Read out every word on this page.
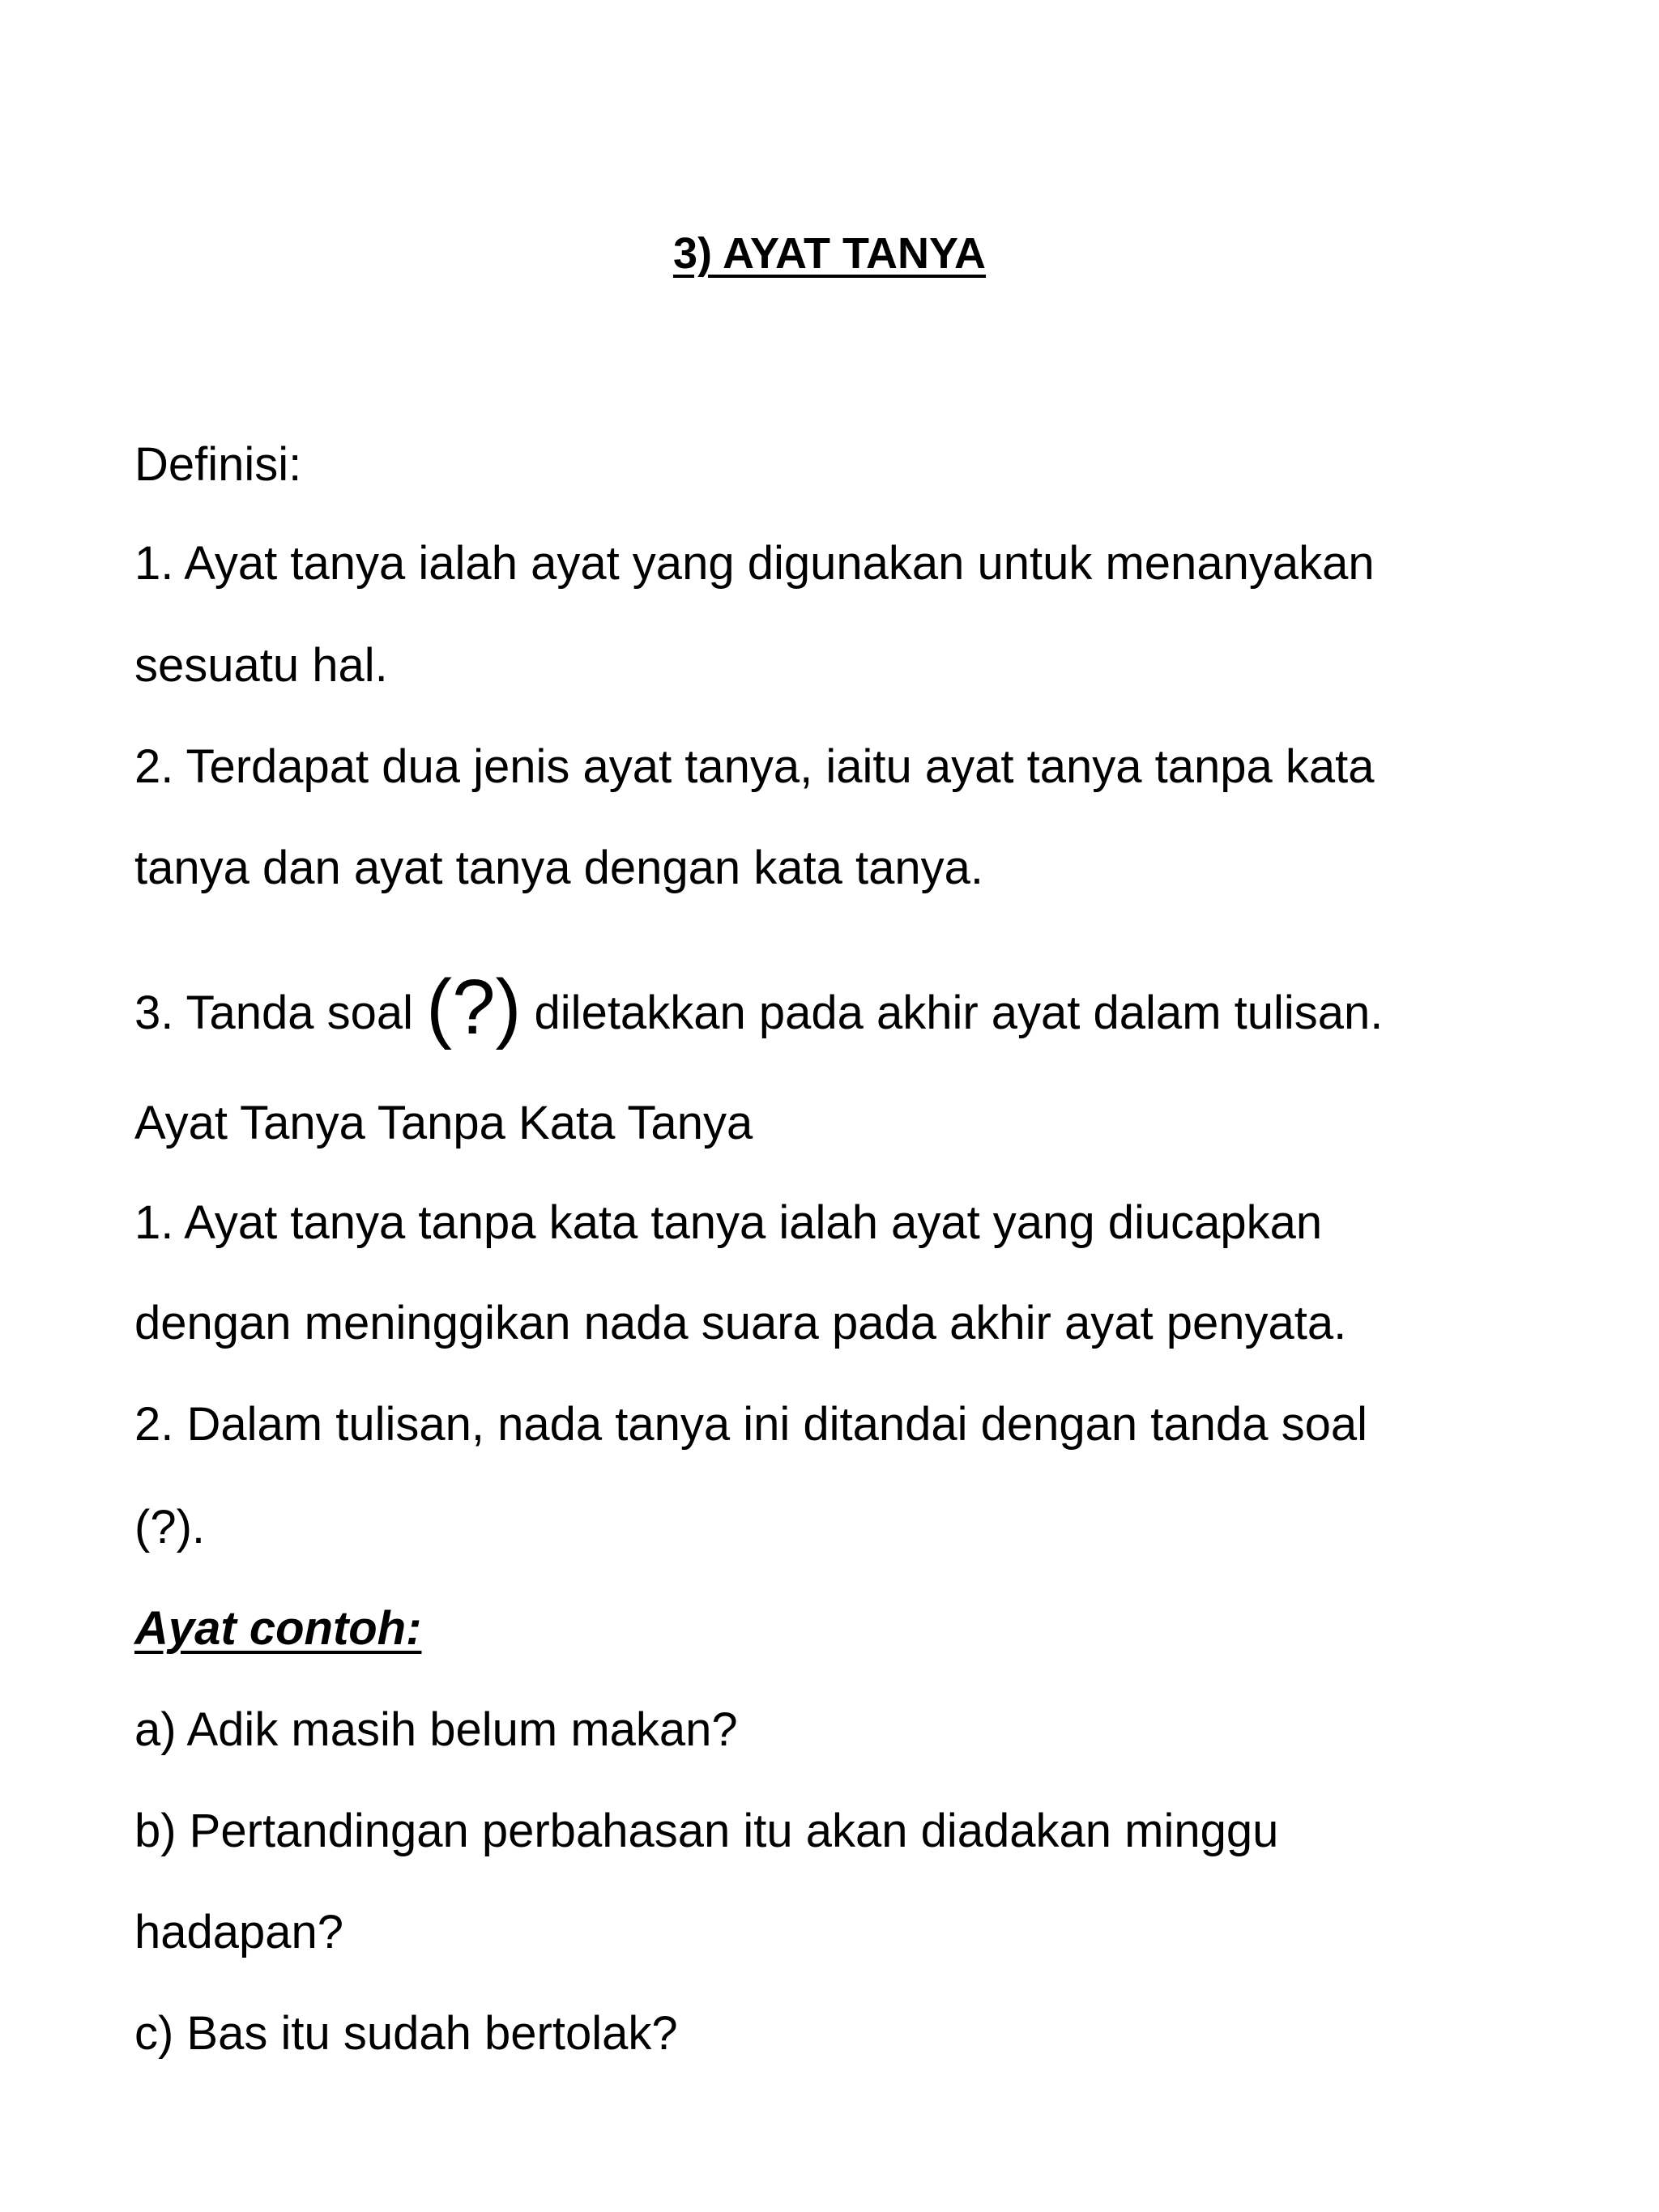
3) AYAT TANYA
Definisi:
1. Ayat tanya ialah ayat yang digunakan untuk menanyakan
sesuatu hal.
2. Terdapat dua jenis ayat tanya, iaitu ayat tanya tanpa kata
tanya dan ayat tanya dengan kata tanya.
3. Tanda soal (?) diletakkan pada akhir ayat dalam tulisan.
Ayat Tanya Tanpa Kata Tanya
1. Ayat tanya tanpa kata tanya ialah ayat yang diucapkan
dengan meninggikan nada suara pada akhir ayat penyata.
2. Dalam tulisan, nada tanya ini ditandai dengan tanda soal
(?).
Ayat contoh:
a) Adik masih belum makan?
b) Pertandingan perbahasan itu akan diadakan minggu
hadapan?
c) Bas itu sudah bertolak?
